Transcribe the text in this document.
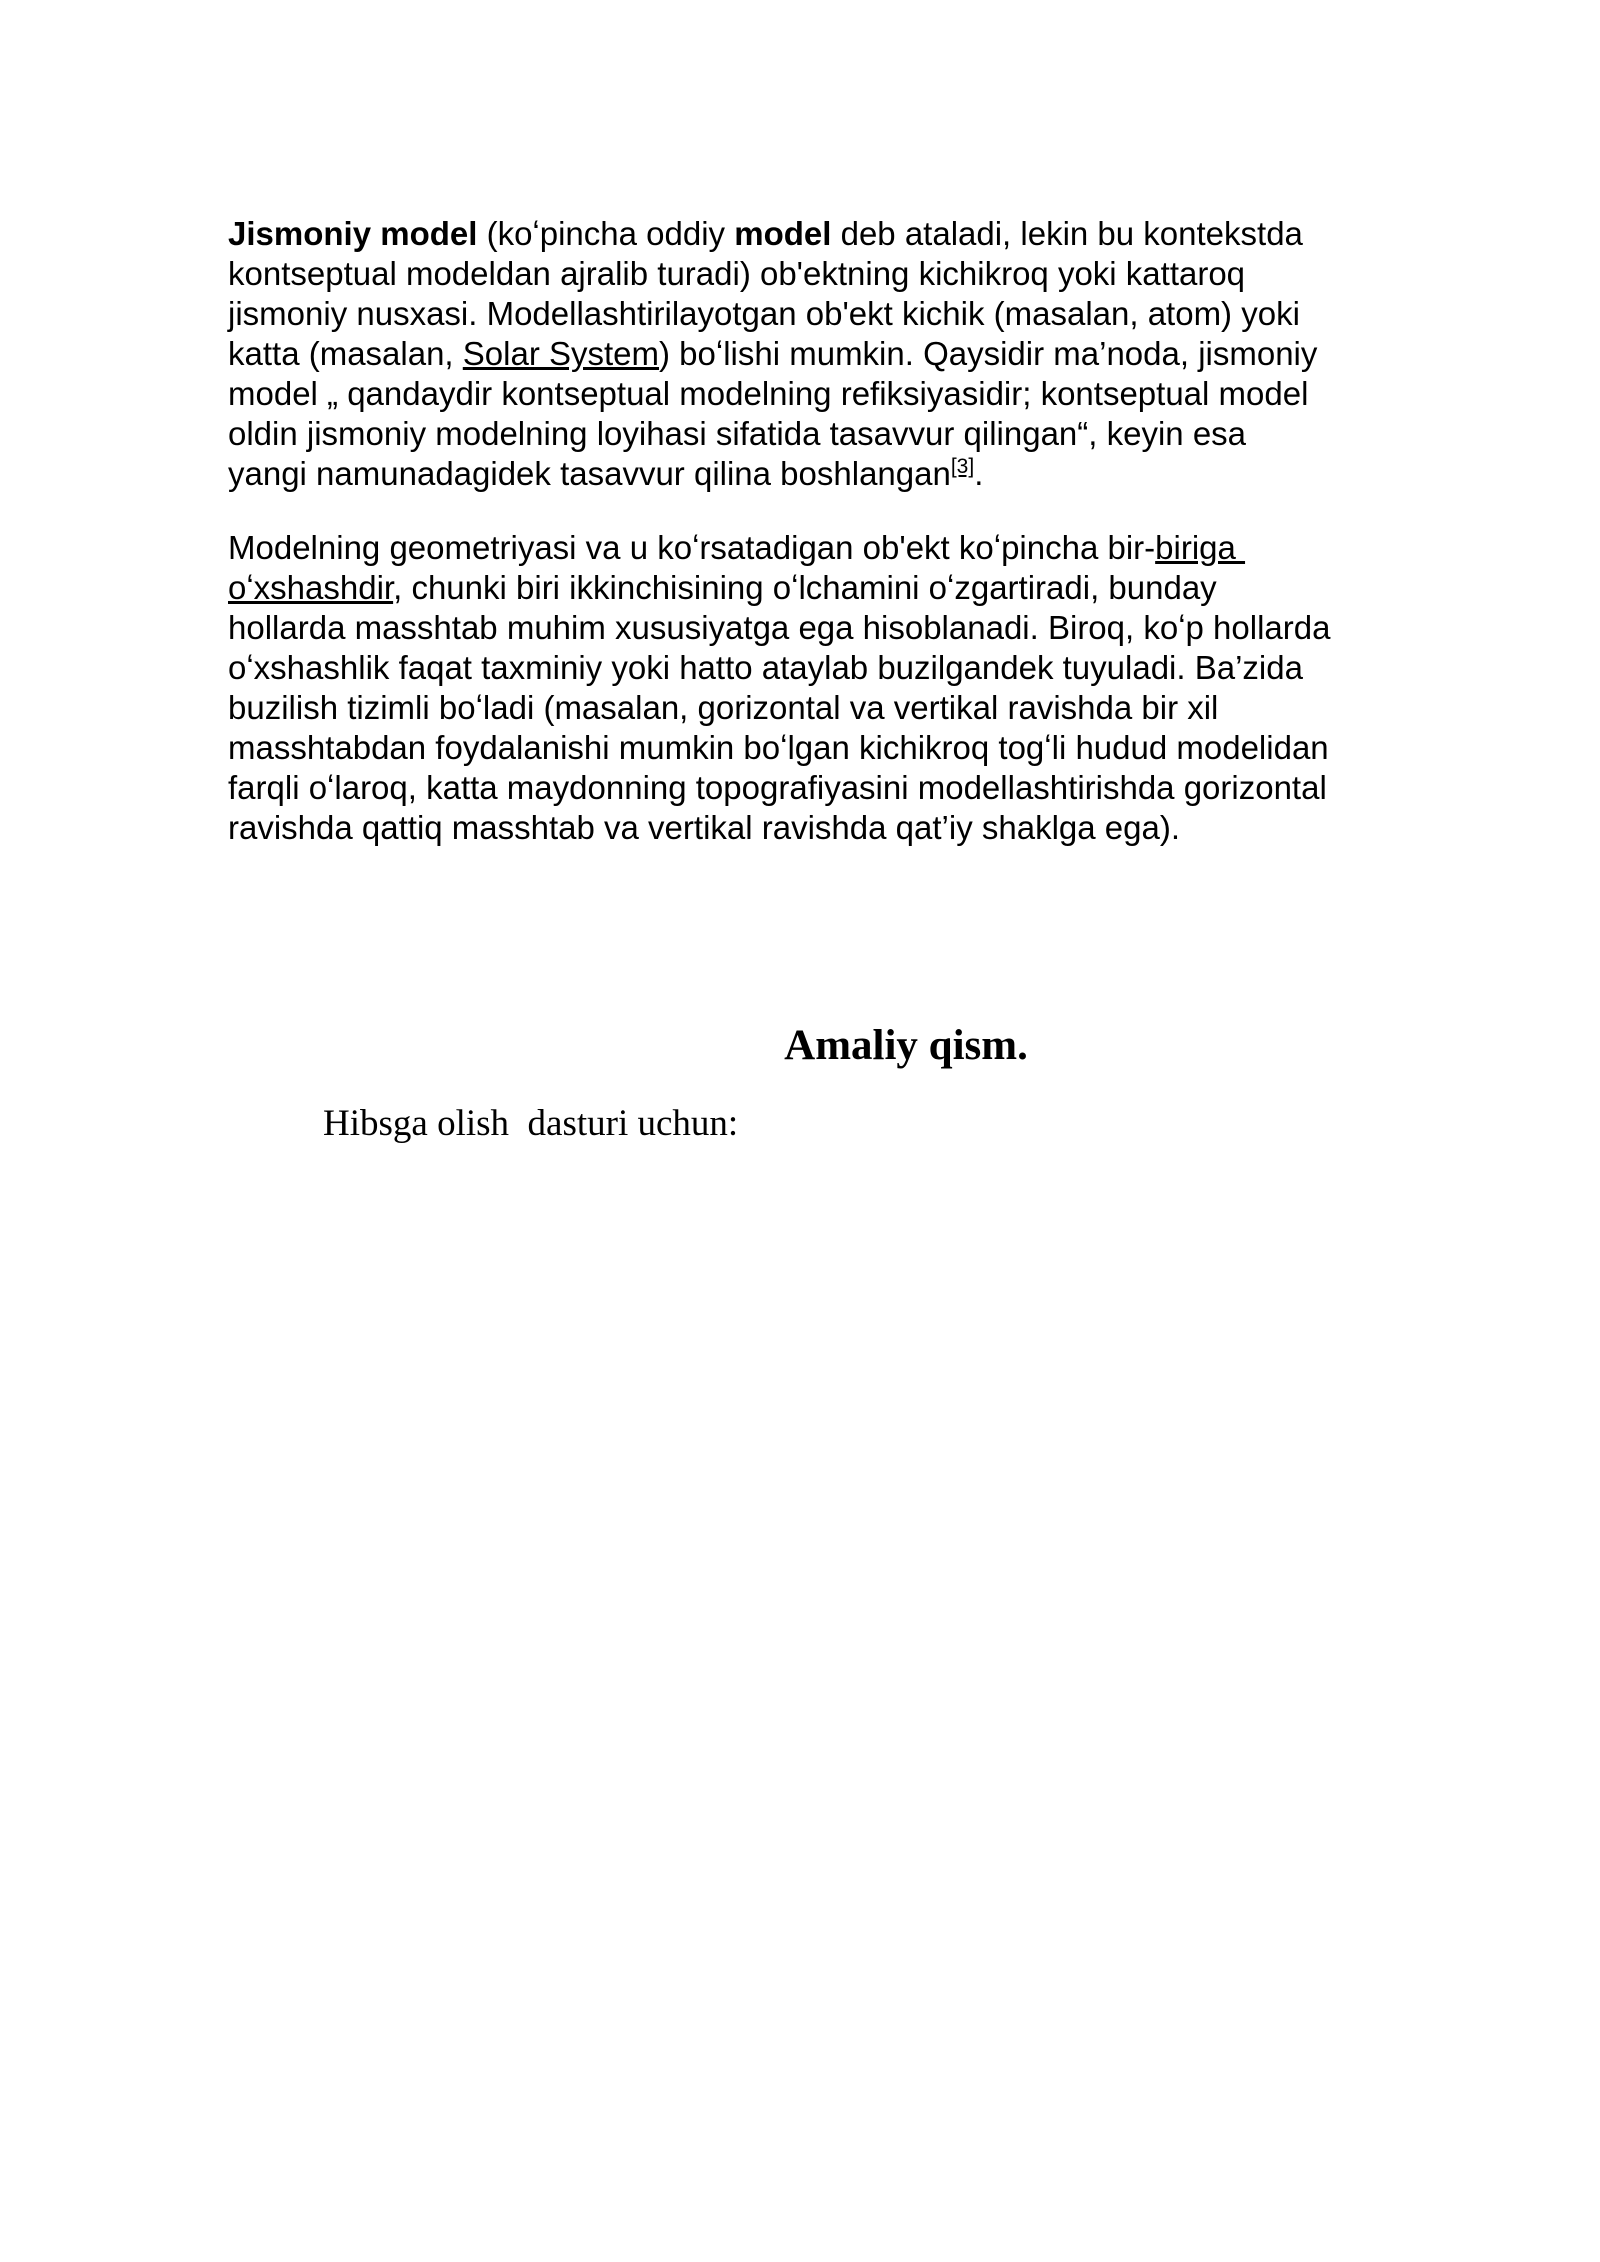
Jismoniy model (koʻpincha oddiy model deb ataladi, lekin bu kontekstda
kontseptual modeldan ajralib turadi) ob'ektning kichikroq yoki kattaroq
jismoniy nusxasi. Modellashtirilayotgan ob'ekt kichik (masalan, atom) yoki
katta (masalan, Solar System) boʻlishi mumkin. Qaysidir ma’noda, jismoniy
model „ qandaydir kontseptual modelning refiksiyasidir; kontseptual model
oldin jismoniy modelning loyihasi sifatida tasavvur qilingan“, keyin esa
yangi namunadagidek tasavvur qilina boshlangan[3].
Modelning geometriyasi va u koʻrsatadigan ob'ekt koʻpincha bir-biriga
oʻxshashdir, chunki biri ikkinchisining oʻlchamini oʻzgartiradi, bunday
hollarda masshtab muhim xususiyatga ega hisoblanadi. Biroq, koʻp hollarda
oʻxshashlik faqat taxminiy yoki hatto ataylab buzilgandek tuyuladi. Ba’zida
buzilish tizimli boʻladi (masalan, gorizontal va vertikal ravishda bir xil
masshtabdan foydalanishi mumkin boʻlgan kichikroq togʻli hudud modelidan
farqli oʻlaroq, katta maydonning topografiyasini modellashtirishda gorizontal
ravishda qattiq masshtab va vertikal ravishda qat’iy shaklga ega).
Amaliy qism.

Hibsga olish  dasturi uchun:
